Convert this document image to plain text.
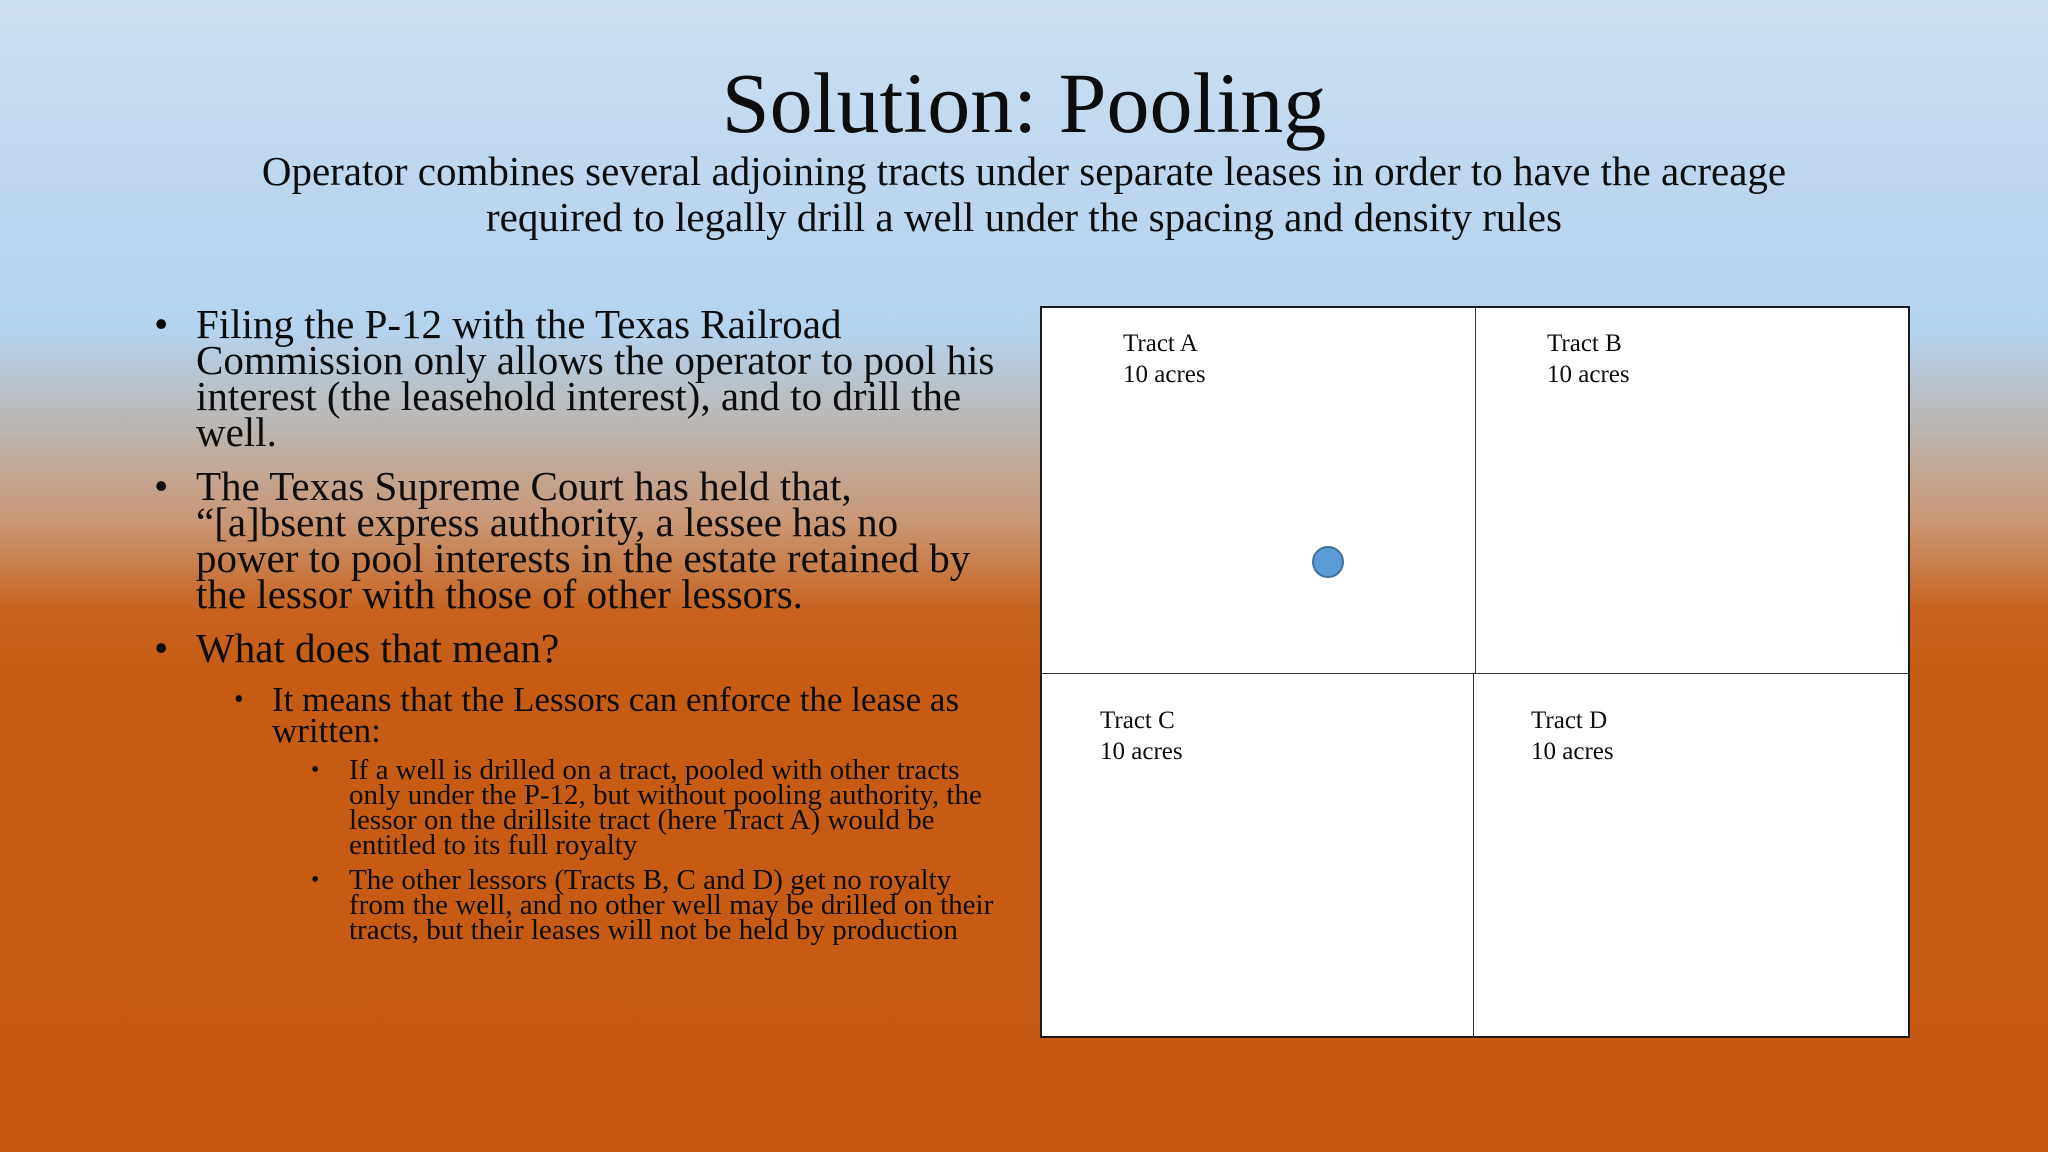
Solution: Pooling

Operator combines several adjoining tracts under separate leases in order to have the acreage required to legally drill a well under the spacing and density rules

• Filing the P-12 with the Texas Railroad Commission only allows the operator to pool his interest (the leasehold interest), and to drill the well.
• The Texas Supreme Court has held that, “[a]bsent express authority, a lessee has no power to pool interests in the estate retained by the lessor with those of other lessors.
• What does that mean?
• It means that the Lessors can enforce the lease as written:
• If a well is drilled on a tract, pooled with other tracts only under the P-12, but without pooling authority, the lessor on the drillsite tract (here Tract A) would be entitled to its full royalty
• The other lessors (Tracts B, C and D) get no royalty from the well, and no other well may be drilled on their tracts, but their leases will not be held by production
Tract A
10 acres
Tract B
10 acres
Tract C
10 acres
Tract D
10 acres
